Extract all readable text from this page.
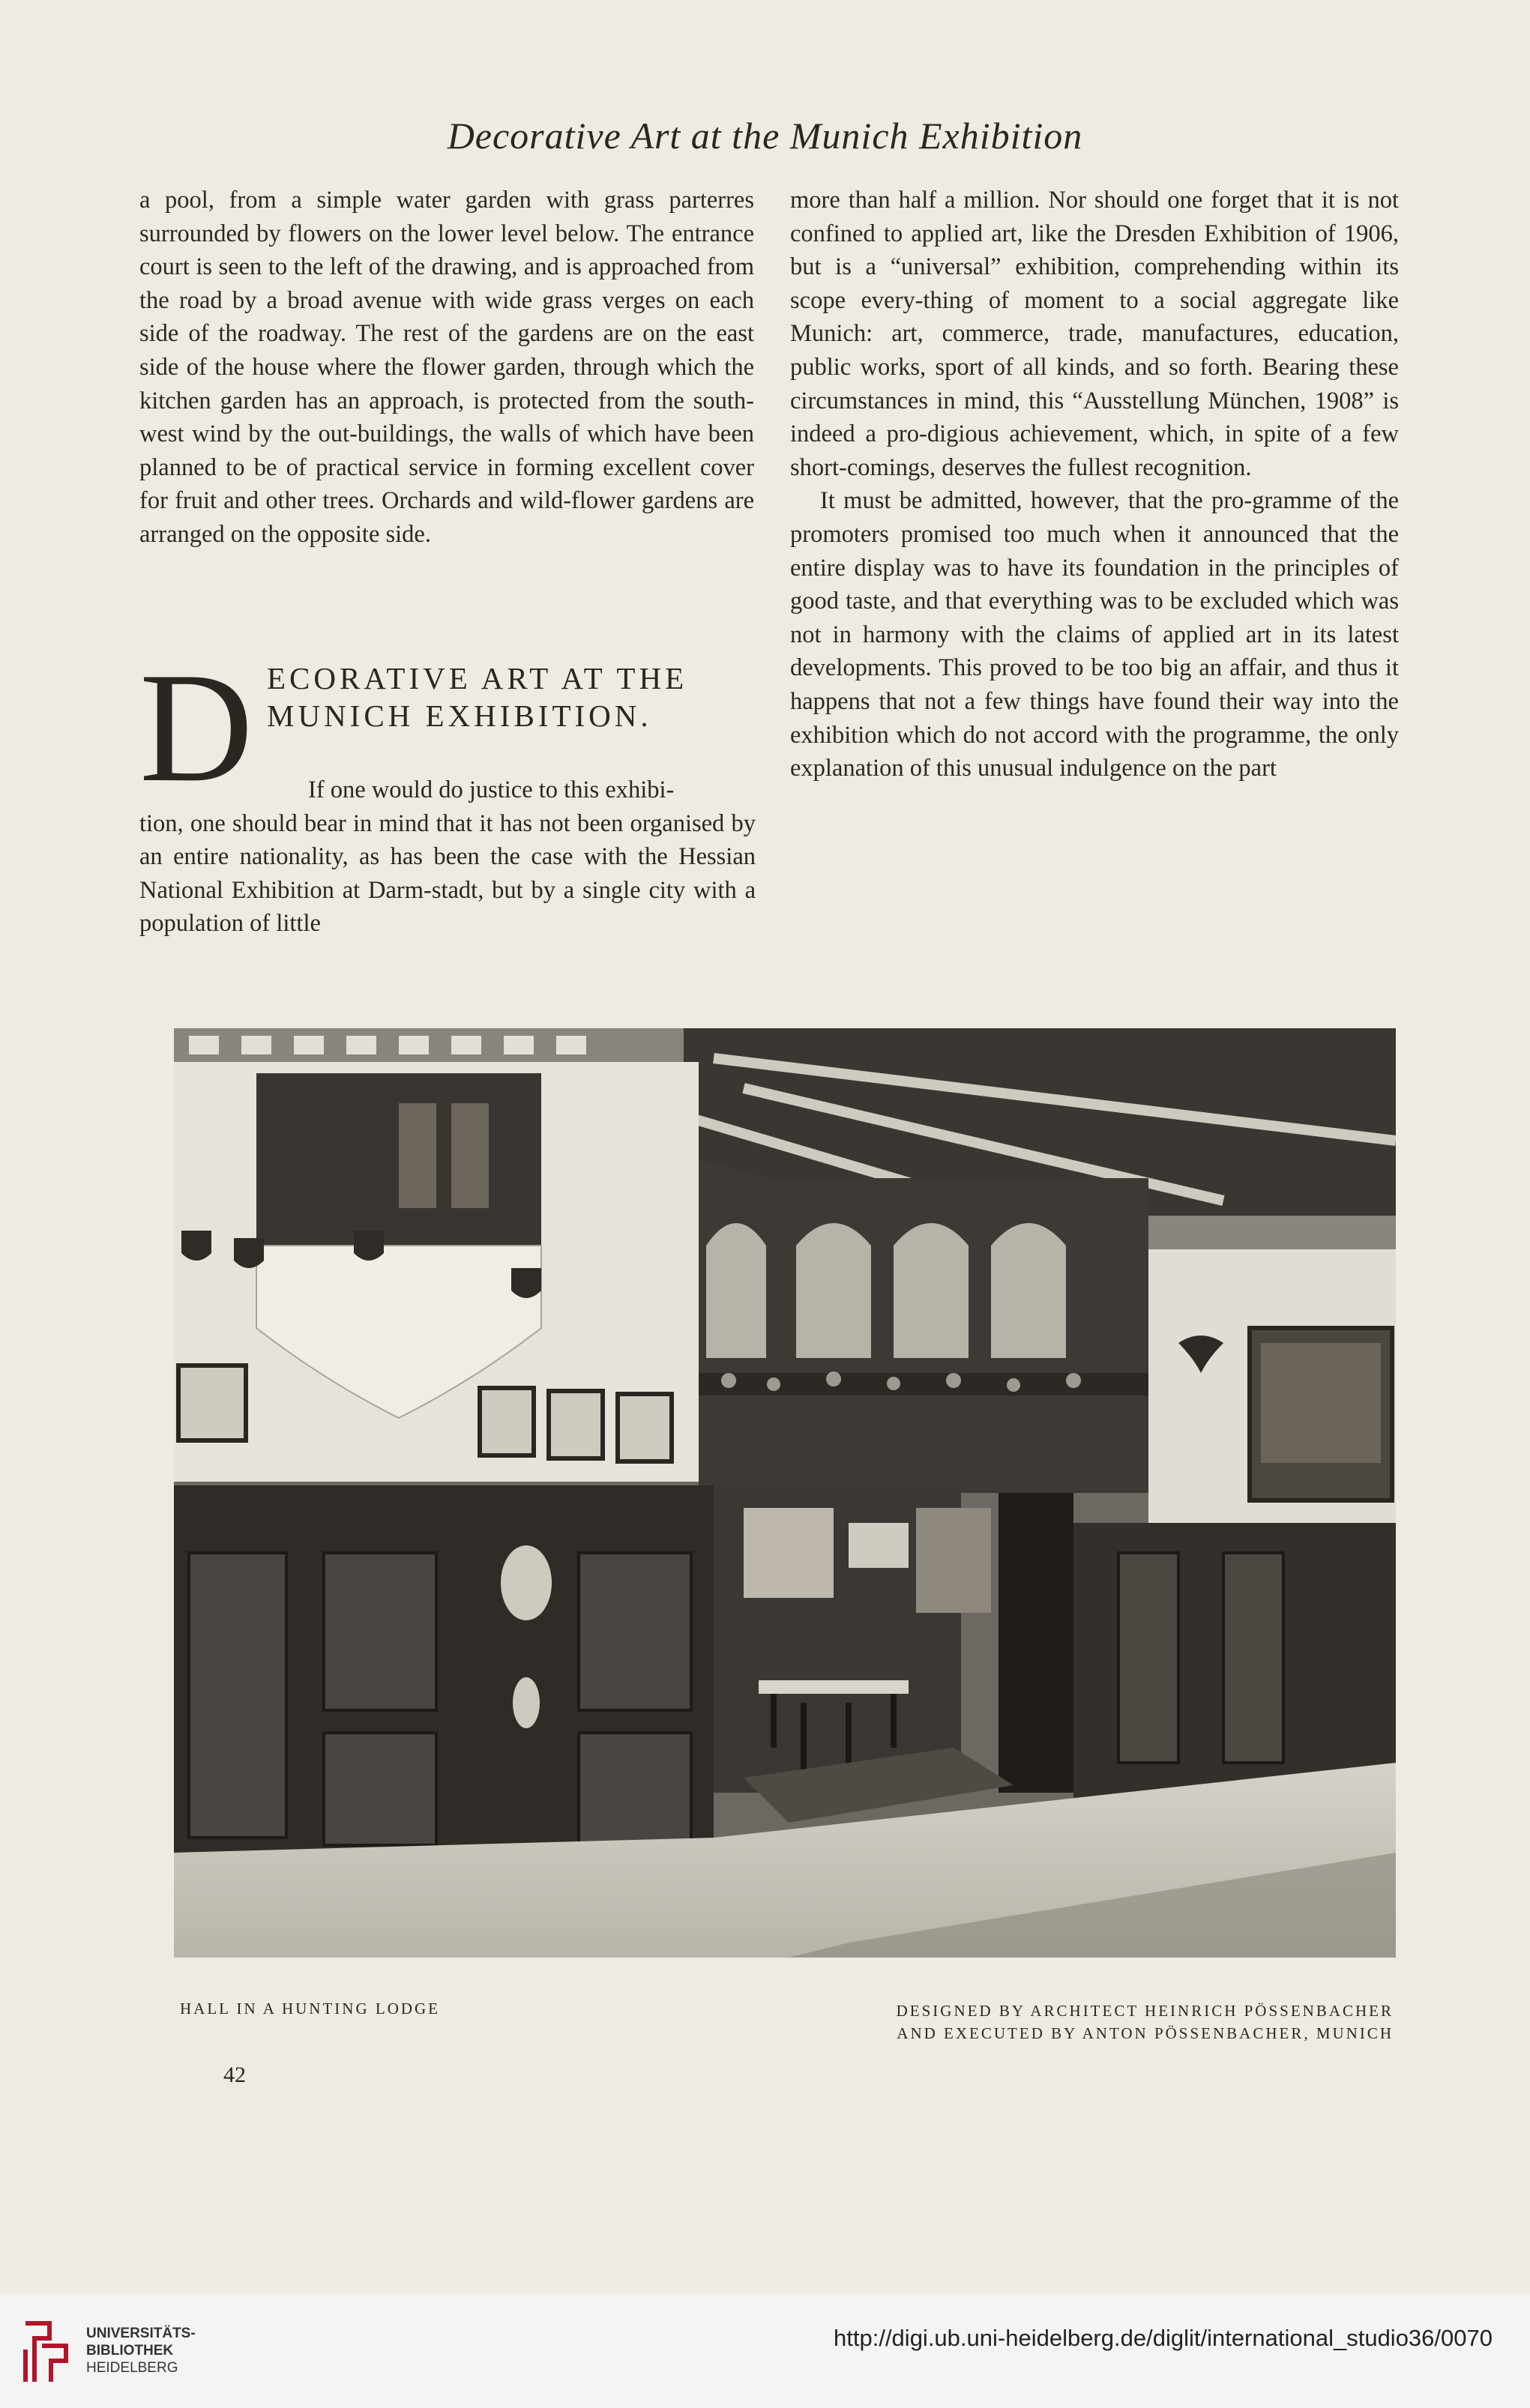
Decorative Art at the Munich Exhibition

a pool, from a simple water garden with grass parterres surrounded by flowers on the lower level below. The entrance court is seen to the left of the drawing, and is approached from the road by a broad avenue with wide grass verges on each side of the roadway. The rest of the gardens are on the east side of the house where the flower garden, through which the kitchen garden has an approach, is protected from the south-west wind by the out-buildings, the walls of which have been planned to be of practical service in forming excellent cover for fruit and other trees. Orchards and wild-flower gardens are arranged on the opposite side.

D ECORATIVE ART AT THE
MUNICH EXHIBITION.
If one would do justice to this exhibi-
tion, one should bear in mind that it has not been organised by an entire nationality, as has been the case with the Hessian National Exhibition at Darm-stadt, but by a single city with a population of little

more than half a million. Nor should one forget that it is not confined to applied art, like the Dresden Exhibition of 1906, but is a “universal” exhibition, comprehending within its scope every-thing of moment to a social aggregate like Munich: art, commerce, trade, manufactures, education, public works, sport of all kinds, and so forth. Bearing these circumstances in mind, this “Ausstellung München, 1908” is indeed a pro-digious achievement, which, in spite of a few short-comings, deserves the fullest recognition.

It must be admitted, however, that the pro-gramme of the promoters promised too much when it announced that the entire display was to have its foundation in the principles of good taste, and that everything was to be excluded which was not in harmony with the claims of applied art in its latest developments. This proved to be too big an affair, and thus it happens that not a few things have found their way into the exhibition which do not accord with the programme, the only explanation of this unusual indulgence on the part

HALL IN A HUNTING LODGE	DESIGNED BY ARCHITECT HEINRICH PÖSSENBACHER
AND EXECUTED BY ANTON PÖSSENBACHER, MUNICH
42
UNIVERSITÄTS-
BIBLIOTHEK
HEIDELBERG
http://digi.ub.uni-heidelberg.de/diglit/international_studio36/0070
